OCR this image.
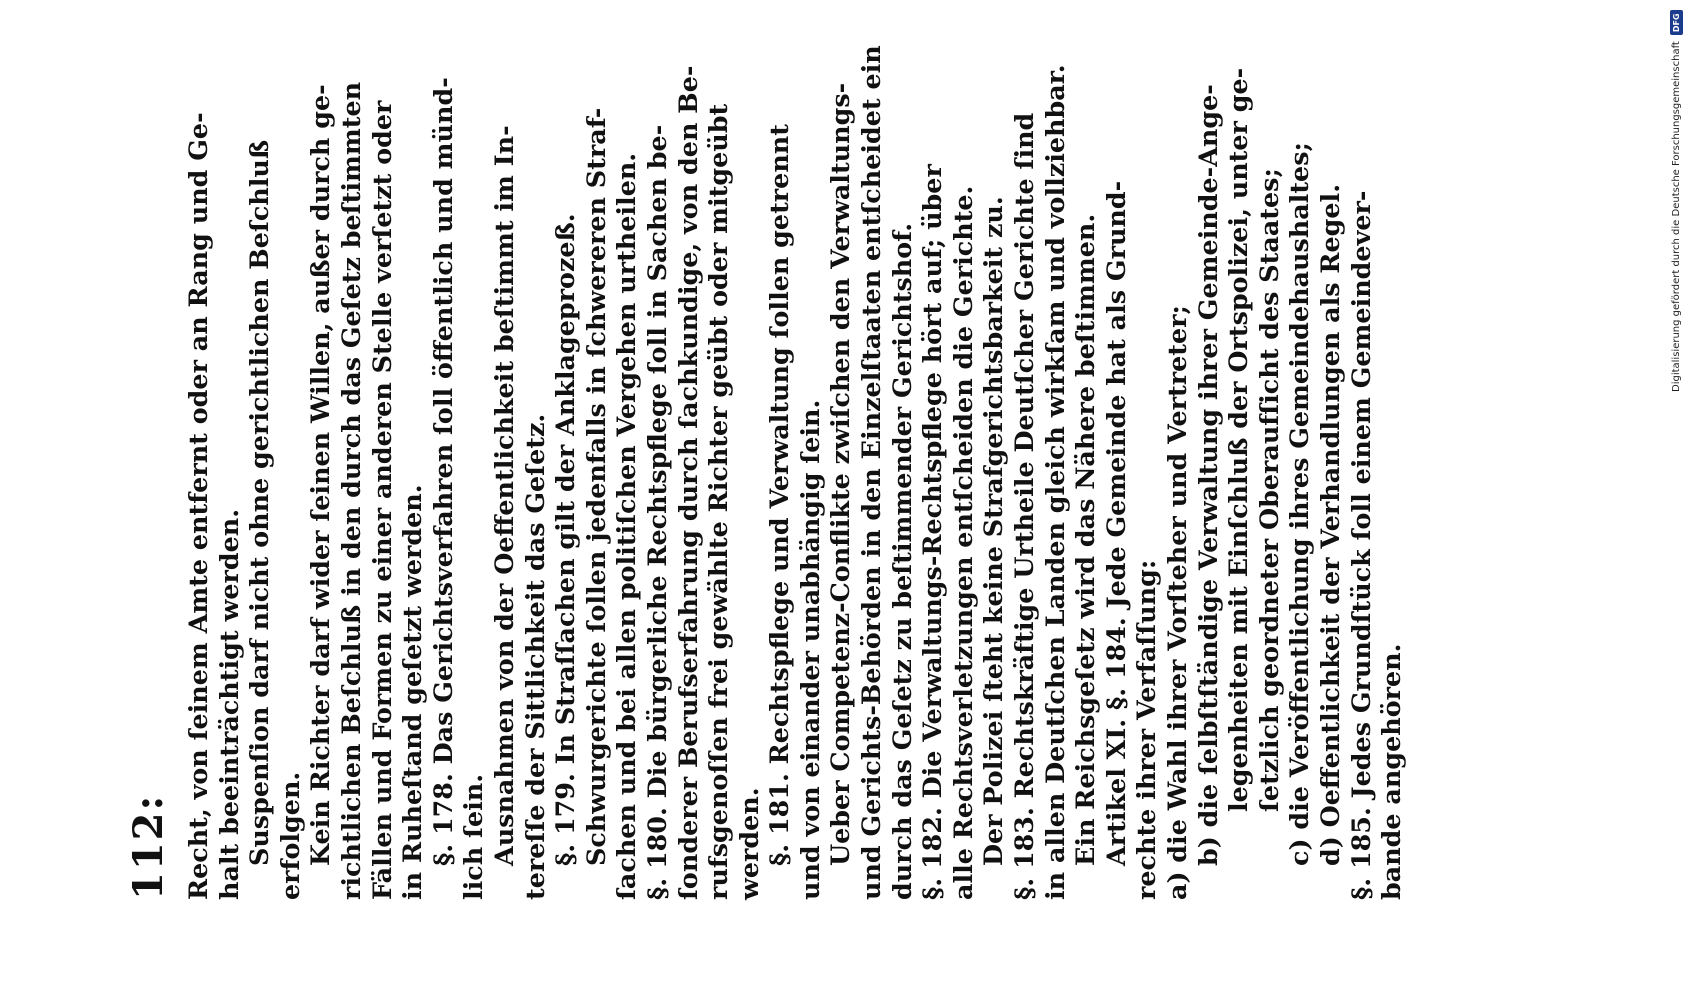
112: Recht, von ſeinem Amte entfernt oder an Rang und Ge- halt beeinträchtigt werden. Suspenſion darf nicht ohne gerichtlichen Beſchluß erfolgen. Kein Richter darf wider ſeinen Willen, außer durch ge- richtlichen Beſchluß in den durch das Geſetz beſtimmten Fällen und Formen zu einer anderen Stelle verſetzt oder in Ruheſtand geſetzt werden. §. 178. Das Gerichtsverfahren ſoll öffentlich und münd- lich ſein. Ausnahmen von der Oeffentlichkeit beſtimmt im In- tereſſe der Sittlichkeit das Geſetz. §. 179. In Straſſachen gilt der Anklageprozeß. Schwurgerichte ſollen jedenfalls in ſchwereren Straf- ſachen und bei allen politiſchen Vergehen urtheilen. §. 180. Die bürgerliche Rechtspflege ſoll in Sachen be- ſonderer Berufserfahrung durch ſachkundige, von den Be- rufsgenoſſen frei gewählte Richter geübt oder mitgeübt werden. §. 181. Rechtspflege und Verwaltung ſollen getrennt und von einander unabhängig ſein. Ueber Competenz-Conflikte zwiſchen den Verwaltungs- und Gerichts-Behörden in den Einzelſtaaten entſcheidet ein durch das Geſetz zu beſtimmender Gerichtshof. §. 182. Die Verwaltungs-Rechtspflege hört auf; über alle Rechtsverletzungen entſcheiden die Gerichte. Der Polizei ſteht keine Strafgerichtsbarkeit zu. §. 183. Rechtskräftige Urtheile Deutſcher Gerichte ſind in allen Deutſchen Landen gleich wirkſam und vollziehbar. Ein Reichsgeſetz wird das Nähere beſtimmen. Artikel XI. §. 184. Jede Gemeinde hat als Grund- rechte ihrer Verfaſſung: a) die Wahl ihrer Vorſteher und Vertreter; b) die ſelbſtſtändige Verwaltung ihrer Gemeinde-Ange- legenheiten mit Einſchluß der Ortspolizei, unter ge- ſetzlich geordneter Oberaufſicht des Staates; c) die Veröffentlichung ihres Gemeindehaushaltes; d) Oeffentlichkeit der Verhandlungen als Regel. §. 185. Jedes Grundſtück ſoll einem Gemeindever- bande angehören.
Digitalisierung gefördert durch die Deutsche Forschungsgemeinschaft
DFG
